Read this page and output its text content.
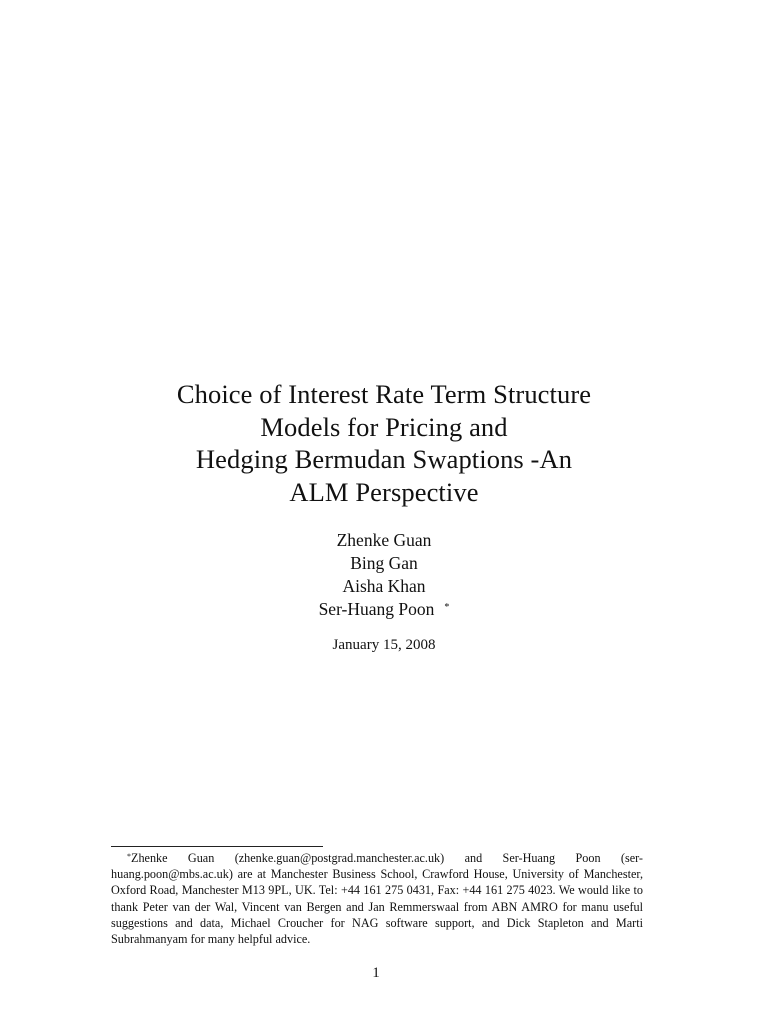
Choice of Interest Rate Term Structure
Models for Pricing and
Hedging Bermudan Swaptions -An
ALM Perspective
Zhenke Guan
Bing Gan
Aisha Khan
Ser-Huang Poon *
January 15, 2008
*Zhenke Guan (zhenke.guan@postgrad.manchester.ac.uk) and Ser-Huang Poon (ser-huang.poon@mbs.ac.uk) are at Manchester Business School, Crawford House, University of Manchester, Oxford Road, Manchester M13 9PL, UK. Tel: +44 161 275 0431, Fax: +44 161 275 4023. We would like to thank Peter van der Wal, Vincent van Bergen and Jan Remmerswaal from ABN AMRO for manu useful suggestions and data, Michael Croucher for NAG software support, and Dick Stapleton and Marti Subrahmanyam for many helpful advice.
1
